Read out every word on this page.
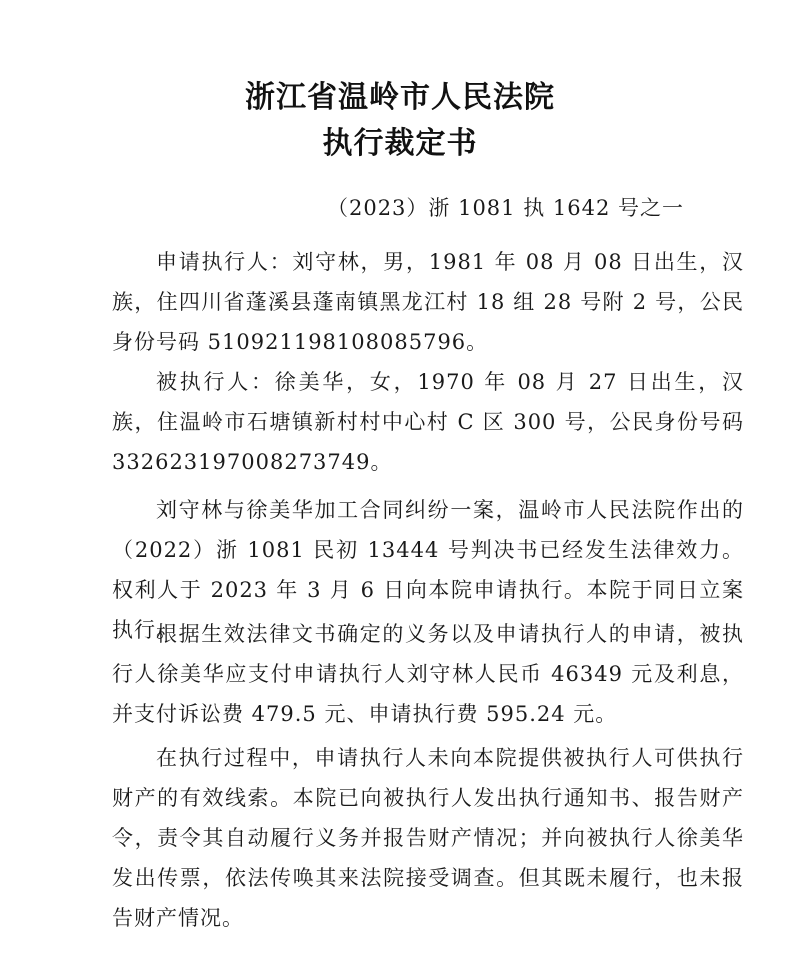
浙江省温岭市人民法院
执行裁定书
（2023）浙 1081 执 1642 号之一

申请执行人：刘守林，男，1981 年 08 月 08 日出生，汉族，住四川省蓬溪县蓬南镇黑龙江村 18 组 28 号附 2 号，公民身份号码 510921198108085796。

被执行人：徐美华，女，1970 年 08 月 27 日出生，汉族，住温岭市石塘镇新村村中心村 C 区 300 号，公民身份号码 332623197008273749。

刘守林与徐美华加工合同纠纷一案，温岭市人民法院作出的（2022）浙 1081 民初 13444 号判决书已经发生法律效力。权利人于 2023 年 3 月 6 日向本院申请执行。本院于同日立案执行。

根据生效法律文书确定的义务以及申请执行人的申请，被执行人徐美华应支付申请执行人刘守林人民币 46349 元及利息，并支付诉讼费 479.5 元、申请执行费 595.24 元。

在执行过程中，申请执行人未向本院提供被执行人可供执行财产的有效线索。本院已向被执行人发出执行通知书、报告财产令，责令其自动履行义务并报告财产情况；并向被执行人徐美华发出传票，依法传唤其来法院接受调查。但其既未履行，也未报告财产情况。
